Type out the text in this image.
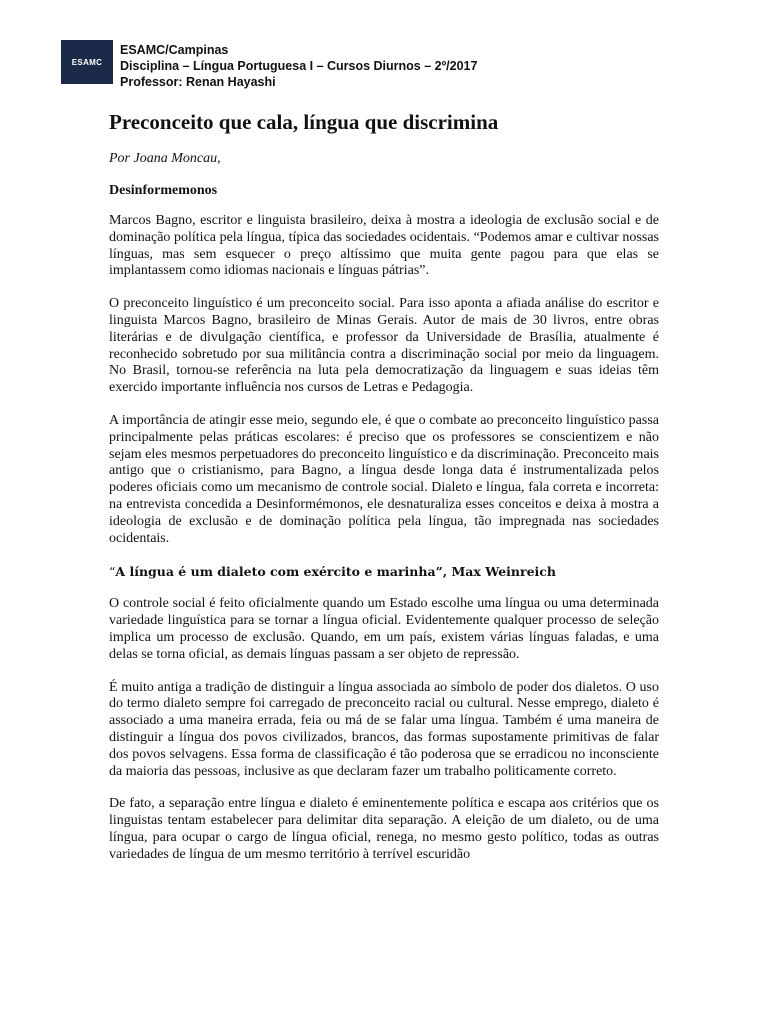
ESAMC
ESAMC/Campinas
Disciplina – Língua Portuguesa I – Cursos Diurnos – 2º/2017
Professor: Renan Hayashi
Preconceito que cala, língua que discrimina
Por Joana Moncau,
Desinformemonos

Marcos Bagno, escritor e linguista brasileiro, deixa à mostra a ideologia de exclusão social e de dominação política pela língua, típica das sociedades ocidentais. “Podemos amar e cultivar nossas línguas, mas sem esquecer o preço altíssimo que muita gente pagou para que elas se implantassem como idiomas nacionais e línguas pátrias”.

O preconceito linguístico é um preconceito social. Para isso aponta a afiada análise do escritor e linguista Marcos Bagno, brasileiro de Minas Gerais. Autor de mais de 30 livros, entre obras literárias e de divulgação científica, e professor da Universidade de Brasília, atualmente é reconhecido sobretudo por sua militância contra a discriminação social por meio da linguagem. No Brasil, tornou-se referência na luta pela democratização da linguagem e suas ideias têm exercido importante influência nos cursos de Letras e Pedagogia.

A importância de atingir esse meio, segundo ele, é que o combate ao preconceito linguístico passa principalmente pelas práticas escolares: é preciso que os professores se conscientizem e não sejam eles mesmos perpetuadores do preconceito linguístico e da discriminação. Preconceito mais antigo que o cristianismo, para Bagno, a língua desde longa data é instrumentalizada pelos poderes oficiais como um mecanismo de controle social. Dialeto e língua, fala correta e incorreta: na entrevista concedida a Desinformémonos, ele desnaturaliza esses conceitos e deixa à mostra a ideologia de exclusão e de dominação política pela língua, tão impregnada nas sociedades ocidentais.

“A língua é um dialeto com exército e marinha”, Max Weinreich

O controle social é feito oficialmente quando um Estado escolhe uma língua ou uma determinada variedade linguística para se tornar a língua oficial. Evidentemente qualquer processo de seleção implica um processo de exclusão. Quando, em um país, existem várias línguas faladas, e uma delas se torna oficial, as demais línguas passam a ser objeto de repressão.

É muito antiga a tradição de distinguir a língua associada ao símbolo de poder dos dialetos. O uso do termo dialeto sempre foi carregado de preconceito racial ou cultural. Nesse emprego, dialeto é associado a uma maneira errada, feia ou má de se falar uma língua. Também é uma maneira de distinguir a língua dos povos civilizados, brancos, das formas supostamente primitivas de falar dos povos selvagens. Essa forma de classificação é tão poderosa que se erradicou no inconsciente da maioria das pessoas, inclusive as que declaram fazer um trabalho politicamente correto.

De fato, a separação entre língua e dialeto é eminentemente política e escapa aos critérios que os linguistas tentam estabelecer para delimitar dita separação. A eleição de um dialeto, ou de uma língua, para ocupar o cargo de língua oficial, renega, no mesmo gesto político, todas as outras variedades de língua de um mesmo território à terrível escuridão
